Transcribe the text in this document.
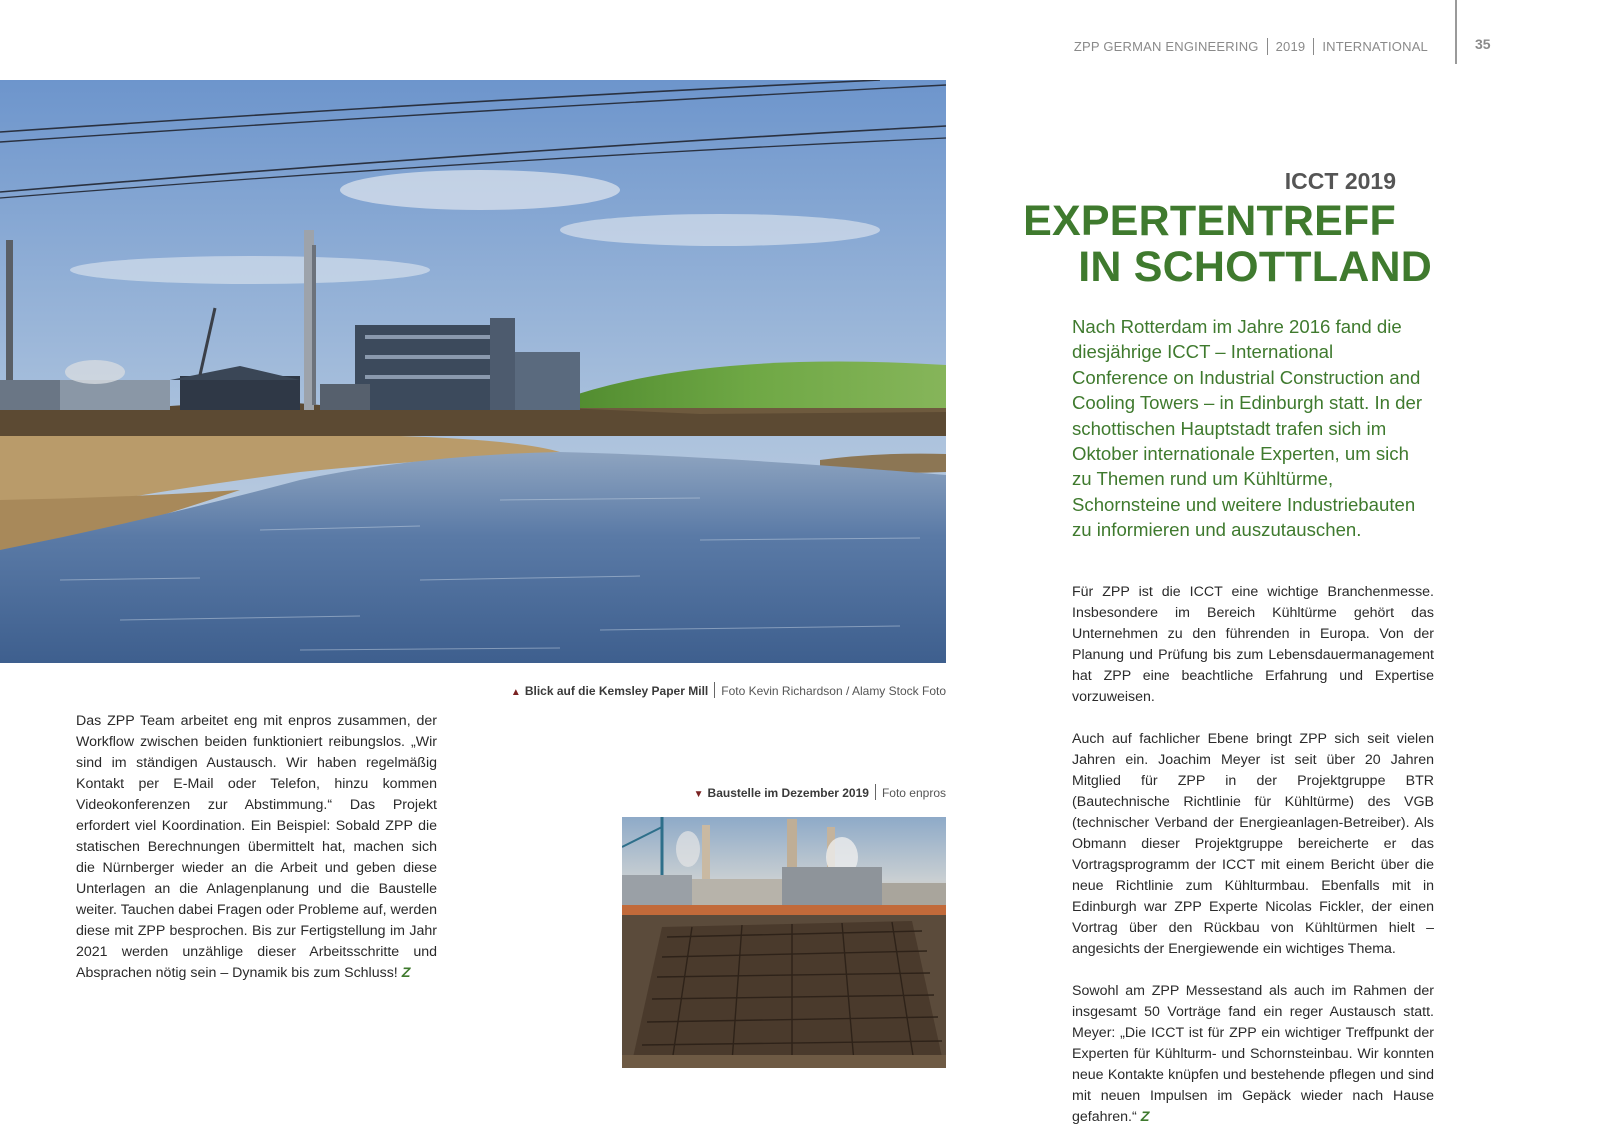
ZPP GERMAN ENGINEERING 2019 INTERNATIONAL	35
▲ Blick auf die Kemsley Paper Mill Foto Kevin Richardson / Alamy Stock Foto
▼ Baustelle im Dezember 2019 Foto enpros
Das ZPP Team arbeitet eng mit enpros zusammen, der Workflow zwischen beiden funktioniert reibungslos. „Wir sind im ständigen Austausch. Wir haben regelmäßig Kontakt per E-Mail oder Telefon, hinzu kommen Videokonferenzen zur Abstimmung.“ Das Projekt erfordert viel Koordination. Ein Beispiel: Sobald ZPP die statischen Berechnungen übermittelt hat, machen sich die Nürnberger wieder an die Arbeit und geben diese Unterlagen an die Anlagenplanung und die Baustelle weiter. Tauchen dabei Fragen oder Probleme auf, werden diese mit ZPP besprochen. Bis zur Fertigstellung im Jahr 2021 werden unzählige dieser Arbeitsschritte und Absprachen nötig sein – Dynamik bis zum Schluss! Z
ICCT 2019
EXPERTENTREFF
IN SCHOTTLAND
Nach Rotterdam im Jahre 2016 fand die diesjährige ICCT – International Conference on Industrial Construction and Cooling Towers – in Edinburgh statt. In der schottischen Hauptstadt trafen sich im Oktober internationale Experten, um sich zu Themen rund um Kühltürme, Schornsteine und weitere Industriebauten zu informieren und auszutauschen.

Für ZPP ist die ICCT eine wichtige Branchenmesse. Insbesondere im Bereich Kühltürme gehört das Unternehmen zu den führenden in Europa. Von der Planung und Prüfung bis zum Lebensdauermanagement hat ZPP eine beachtliche Erfahrung und Expertise vorzuweisen.

Auch auf fachlicher Ebene bringt ZPP sich seit vielen Jahren ein. Joachim Meyer ist seit über 20 Jahren Mitglied für ZPP in der Projektgruppe BTR (Bautechnische Richtlinie für Kühltürme) des VGB (technischer Verband der Energieanlagen-Betreiber). Als Obmann dieser Projektgruppe bereicherte er das Vortragsprogramm der ICCT mit einem Bericht über die neue Richtlinie zum Kühlturmbau. Ebenfalls mit in Edinburgh war ZPP Experte Nicolas Fickler, der einen Vortrag über den Rückbau von Kühltürmen hielt – angesichts der Energiewende ein wichtiges Thema.

Sowohl am ZPP Messestand als auch im Rahmen der insgesamt 50 Vorträge fand ein reger Austausch statt. Meyer: „Die ICCT ist für ZPP ein wichtiger Treffpunkt der Experten für Kühlturm- und Schornsteinbau. Wir konnten neue Kontakte knüpfen und bestehende pflegen und sind mit neuen Impulsen im Gepäck wieder nach Hause gefahren.“ Z
